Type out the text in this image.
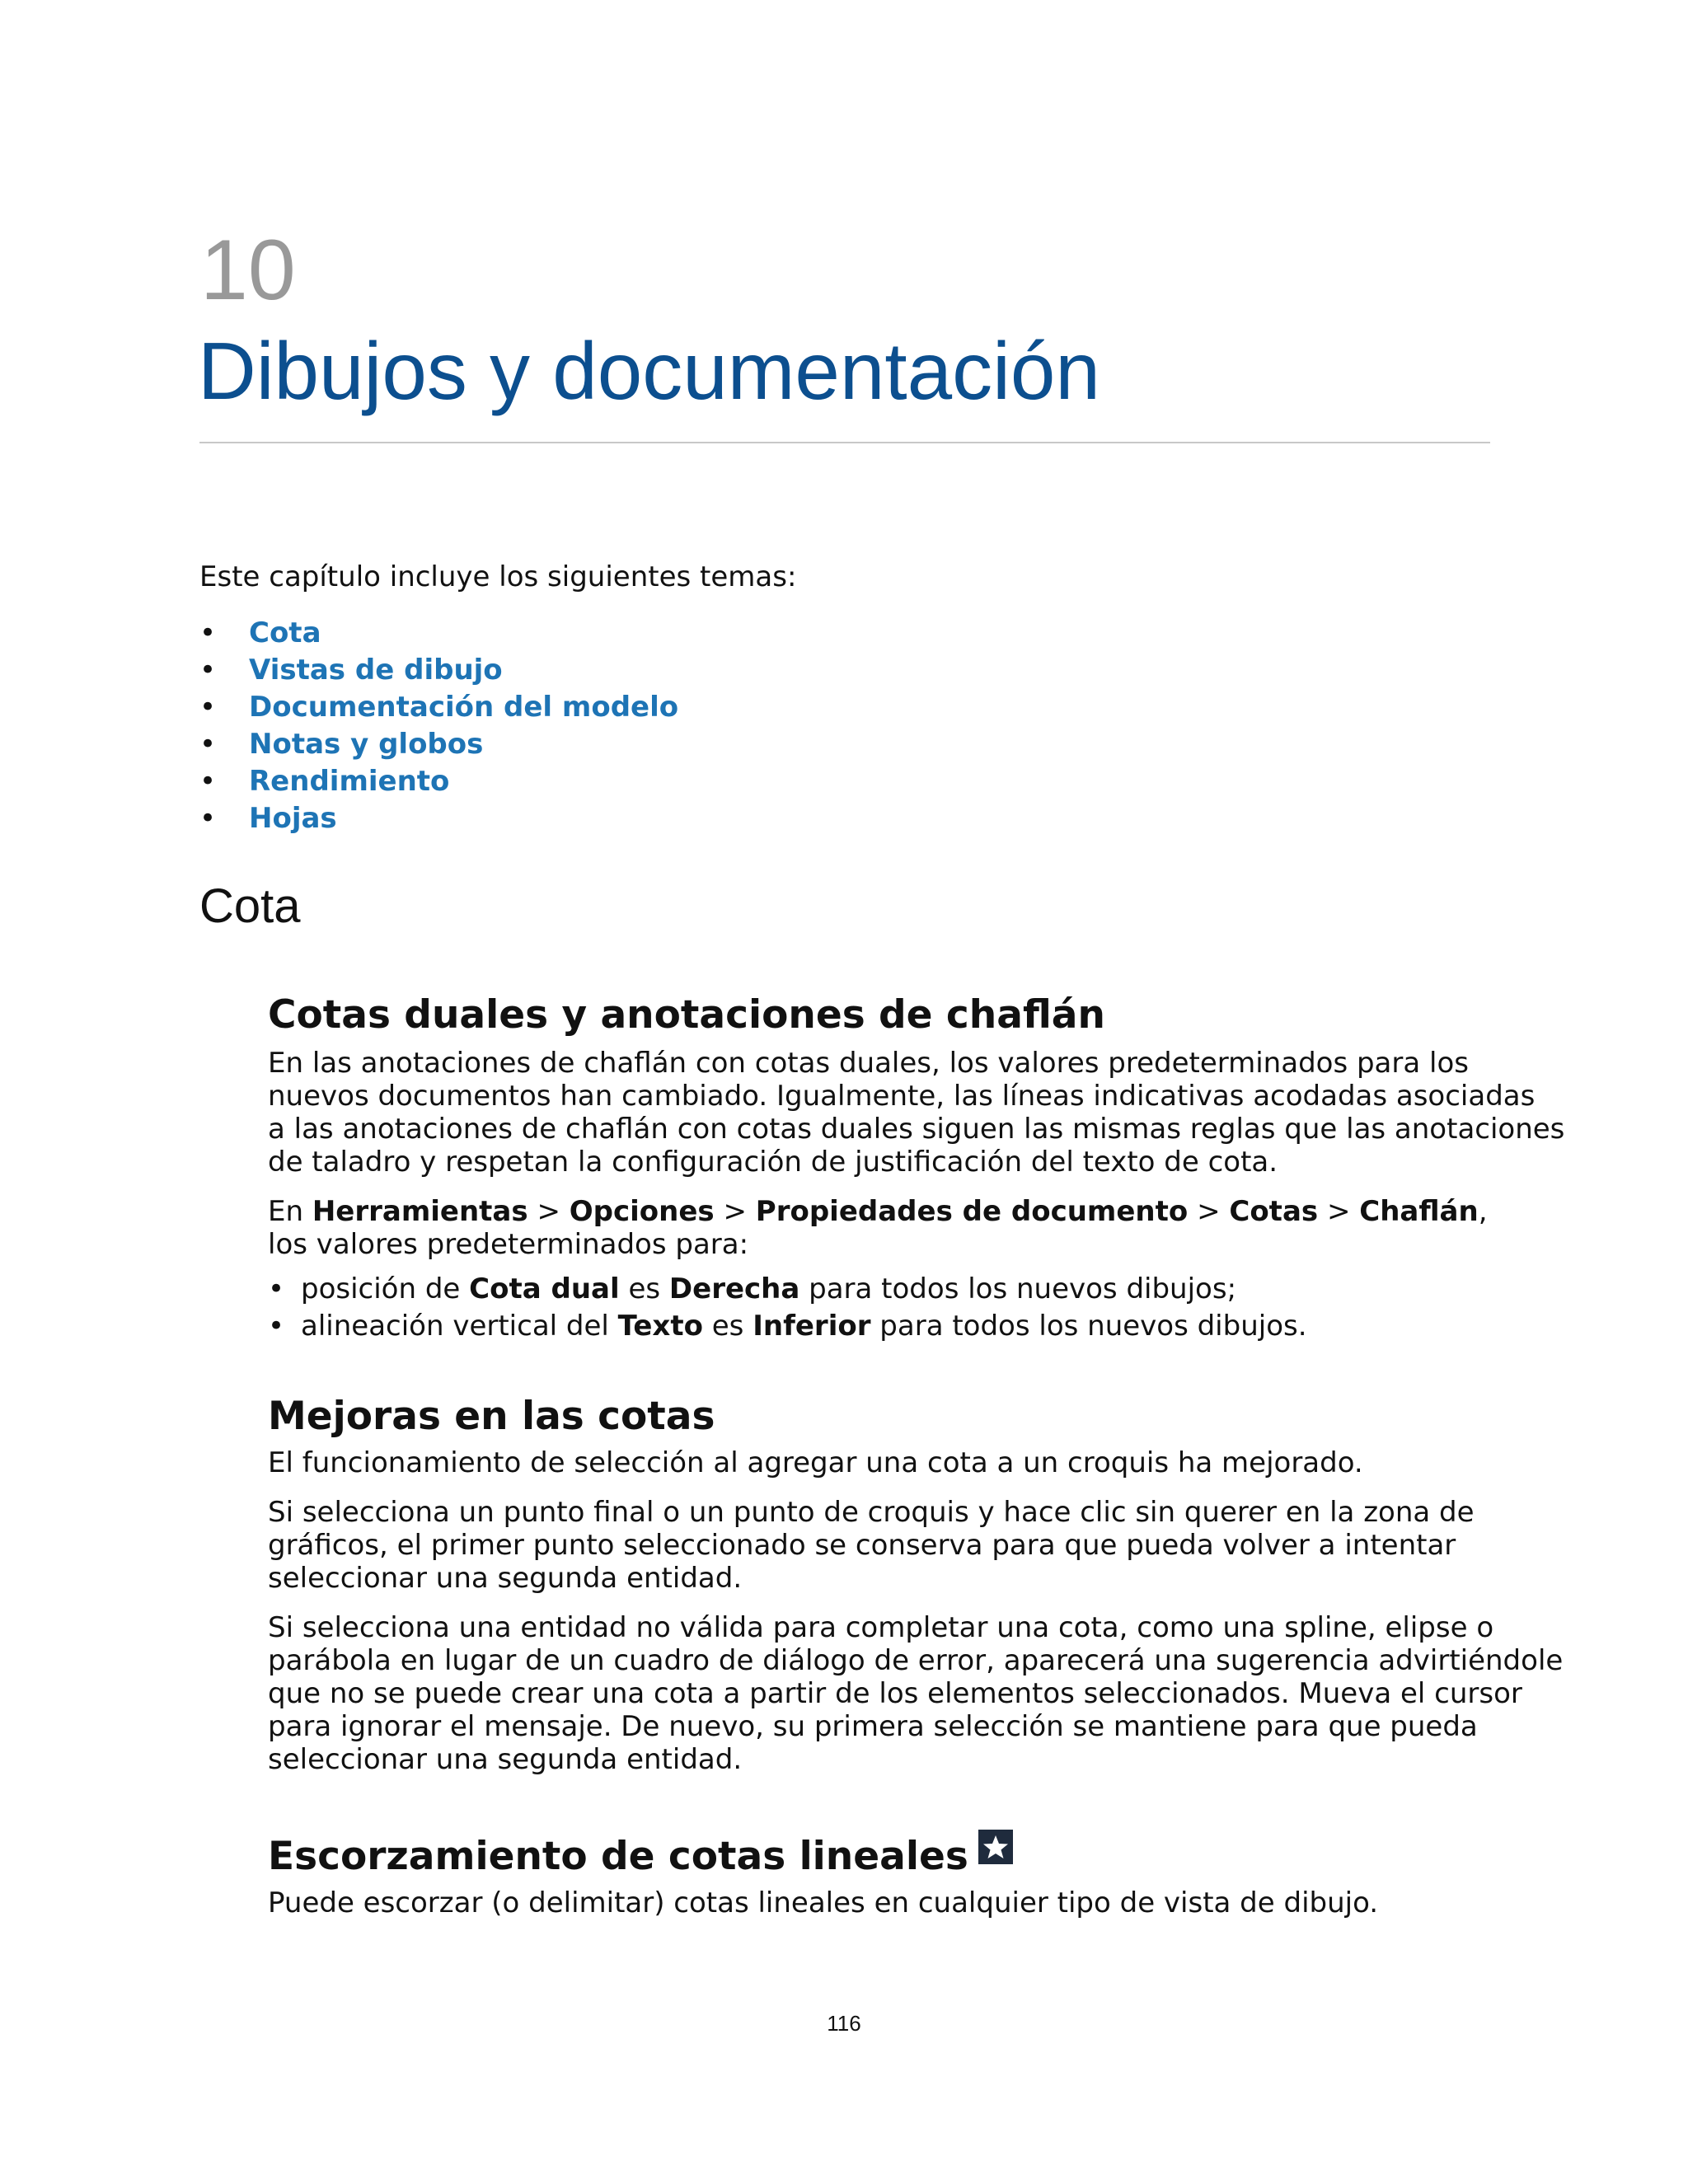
10
Dibujos y documentación

Este capítulo incluye los siguientes temas:

• Cota
• Vistas de dibujo
• Documentación del modelo
• Notas y globos
• Rendimiento
• Hojas
Cota
Cotas duales y anotaciones de chaflán

En las anotaciones de chaflán con cotas duales, los valores predeterminados para los

nuevos documentos han cambiado. Igualmente, las líneas indicativas acodadas asociadas

a las anotaciones de chaflán con cotas duales siguen las mismas reglas que las anotaciones

de taladro y respetan la configuración de justificación del texto de cota.

En Herramientas > Opciones > Propiedades de documento > Cotas > Chaflán,

los valores predeterminados para:

• posición de Cota dual es Derecha para todos los nuevos dibujos;
• alineación vertical del Texto es Inferior para todos los nuevos dibujos.
Mejoras en las cotas

El funcionamiento de selección al agregar una cota a un croquis ha mejorado.

Si selecciona un punto final o un punto de croquis y hace clic sin querer en la zona de

gráficos, el primer punto seleccionado se conserva para que pueda volver a intentar

seleccionar una segunda entidad.

Si selecciona una entidad no válida para completar una cota, como una spline, elipse o

parábola en lugar de un cuadro de diálogo de error, aparecerá una sugerencia advirtiéndole

que no se puede crear una cota a partir de los elementos seleccionados. Mueva el cursor

para ignorar el mensaje. De nuevo, su primera selección se mantiene para que pueda

seleccionar una segunda entidad.

Escorzamiento de cotas lineales

Puede escorzar (o delimitar) cotas lineales en cualquier tipo de vista de dibujo.

116
